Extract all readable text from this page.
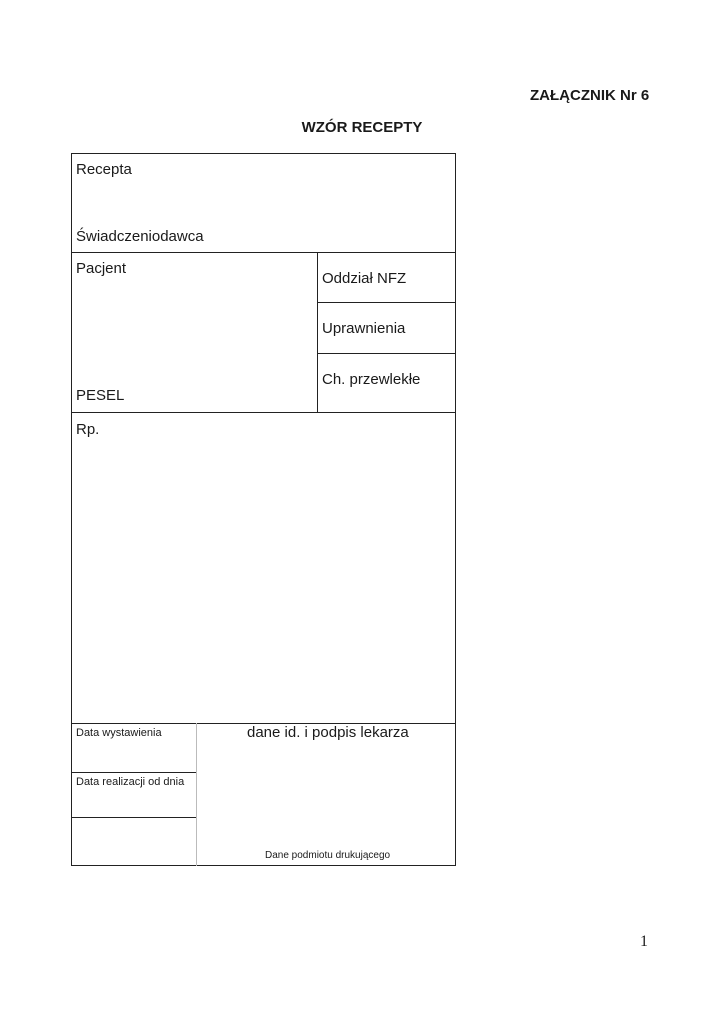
ZAŁĄCZNIK Nr 6
WZÓR RECEPTY
Recepta
Świadczeniodawca
Pacjent
PESEL
Oddział NFZ
Uprawnienia
Ch. przewlekłe
Rp.
Data wystawienia
Data realizacji od dnia
dane id. i podpis lekarza
Dane podmiotu drukującego
1
